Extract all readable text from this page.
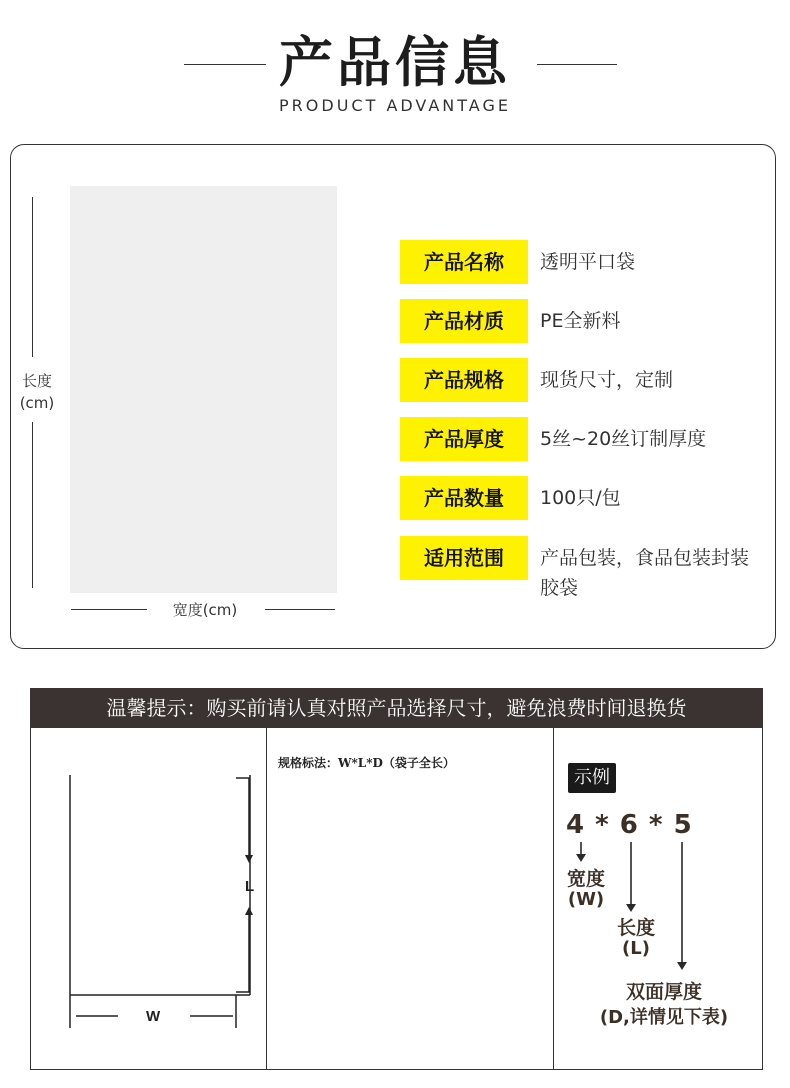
产品信息
PRODUCT ADVANTAGE
长度
(cm)
宽度(cm)
产品名称	透明平口袋
产品材质	PE全新料
产品规格	现货尺寸，定制
产品厚度	5丝~20丝订制厚度
产品数量	100只/包
适用范围	产品包装，食品包装封装胶袋
温馨提示：购买前请认真对照产品选择尺寸，避免浪费时间退换货
L
W
规格标法：W*L*D（袋子全长）
示例
4 * 6 * 5
宽度
(W)
长度
(L)
双面厚度
(D,详情见下表)
